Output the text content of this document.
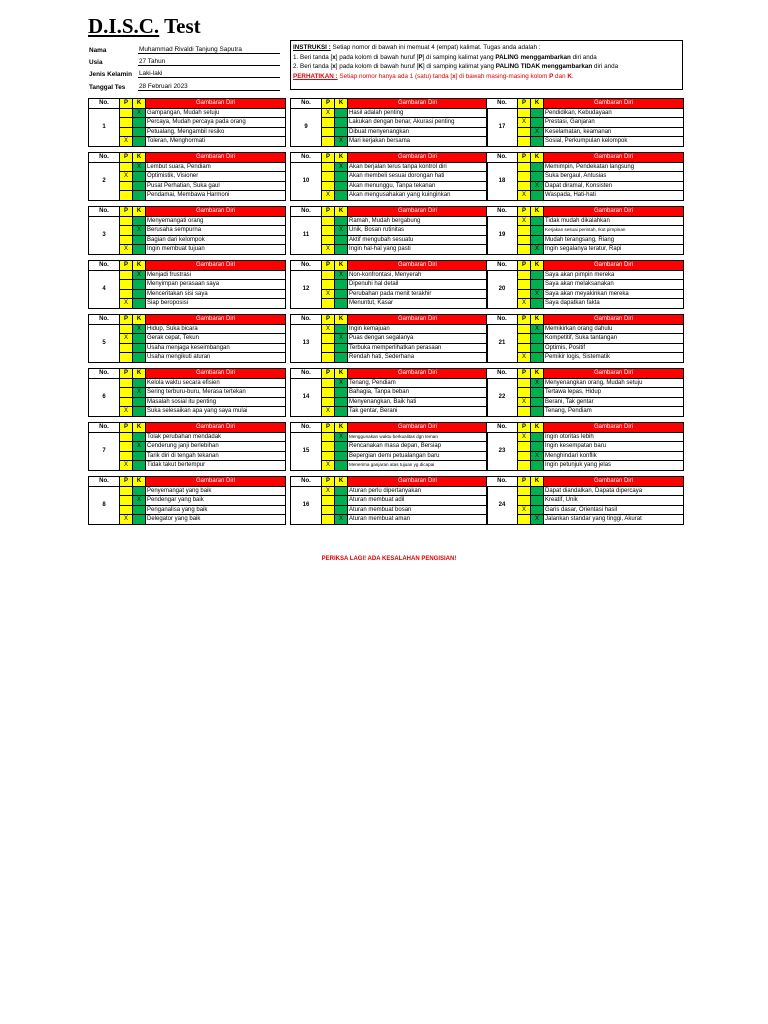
D.I.S.C. Test
Nama	Muhammad Rivaldi Tanjung Saputra
Usia	27 Tahun
Jenis Kelamin	Laki-laki
Tanggal Tes	28 Februari 2023
INSTRUKSI : Setiap nomor di bawah ini memuat 4 (empat) kalimat. Tugas anda adalah :
1. Beri tanda [x] pada kolom di bawah huruf [P] di samping kalimat yang PALING menggambarkan diri anda
2. Beri tanda [x] pada kolom di bawah huruf [K] di samping kalimat yang PALING TIDAK menggambarkan diri anda
PERHATIKAN : Setiap nomor hanya ada 1 (satu) tanda [x] di bawah masing-masing kolom P dan K.
No.	P	K	Gambaran Diri
1		X	Gampangan, Mudah setuju
			Percaya, Mudah percaya pada orang
			Petualang, Mengambil resiko
	X		Toleran, Menghormati
No.	P	K	Gambaran Diri
2		X	Lembut suara, Pendiam
	X		Optimistik, Visioner
			Pusat Perhatian, Suka gaul
			Pendamai, Membawa Harmoni
No.	P	K	Gambaran Diri
3			Menyemangati orang
		X	Berusaha sempurna
			Bagian dari kelompok
	X		Ingin membuat tujuan
No.	P	K	Gambaran Diri
4		X	Menjadi frustrasi
			Menyimpan perasaan saya
			Menceritakan sisi saya
	X		Siap beroposisi
No.	P	K	Gambaran Diri
5		X	Hidup, Suka bicara
	X		Gerak cepat, Tekun
			Usaha menjaga keseimbangan
			Usaha mengikuti aturan
No.	P	K	Gambaran Diri
6			Kelola waktu secara efisien
		X	Sering terburu-buru, Merasa tertekan
			Masalah sosial itu penting
	X		Suka selesaikan apa yang saya mulai
No.	P	K	Gambaran Diri
7			Tolak perubahan mendadak
		X	Cenderung janji berlebihan
			Tarik diri di tengah tekanan
	X		Tidak takut bertempur
No.	P	K	Gambaran Diri
8			Penyemangat yang baik
		X	Pendengar yang baik
			Penganalisa yang baik
	X		Delegator yang baik
No.	P	K	Gambaran Diri
9	X		Hasil adalah penting
			Lakukan dengan benar, Akurasi penting
			Dibuat menyenangkan
		X	Mari kerjakan bersama
No.	P	K	Gambaran Diri
10		X	Akan berjalan terus tanpa kontrol diri
			Akan membeli sesuai dorongan hati
			Akan menunggu, Tanpa tekanan
	X		Akan mengusahakan yang kuinginkan
No.	P	K	Gambaran Diri
11			Ramah, Mudah bergabung
		X	Unik, Bosan rutinitas
			Aktif mengubah sesuatu
	X		Ingin hal-hal yang pasti
No.	P	K	Gambaran Diri
12		X	Non-konfrontasi, Menyerah
			Dipenuhi hal detail
	X		Perubahan pada menit terakhir
			Menuntut, Kasar
No.	P	K	Gambaran Diri
13	X		Ingin kemajuan
		X	Puas dengan segalanya
			Terbuka memperlihatkan perasaan
			Rendah hati, Sederhana
No.	P	K	Gambaran Diri
14		X	Tenang, Pendiam
			Bahagia, Tanpa beban
			Menyenangkan, Baik hati
	X		Tak gentar, Berani
No.	P	K	Gambaran Diri
15		X	Menggunakan waktu berkualitas dgn teman
			Rencanakan masa depan, Bersiap
			Bepergian demi petualangan baru
	X		Menerima ganjaran atas tujuan yg dicapai
No.	P	K	Gambaran Diri
16	X		Aturan perlu dipertanyakan
			Aturan membuat adil
			Aturan membuat bosan
		X	Aturan membuat aman
No.	P	K	Gambaran Diri
17			Pendidikan, Kebudayaan
	X		Prestasi, Ganjaran
		X	Keselamatan, keamanan
			Sosial, Perkumpulan kelompok
No.	P	K	Gambaran Diri
18			Memimpin, Pendekatan langsung
			Suka bergaul, Antusias
		X	Dapat diramal, Konsisten
	X		Waspada, Hati-hati
No.	P	K	Gambaran Diri
19	X		Tidak mudah dikalahkan
			Kerjakan sesuai perintah, Ikut pimpinan
			Mudah terangsang, Riang
		X	Ingin segalanya teratur, Rapi
No.	P	K	Gambaran Diri
20			Saya akan pimpin mereka
			Saya akan melaksanakan
		X	Saya akan meyakinkan mereka
	X		Saya dapatkan fakta
No.	P	K	Gambaran Diri
21		X	Memikirkan orang dahulu
			Kompetitif, Suka tantangan
			Optimis, Positif
	X		Pemikir logis, Sistematik
No.	P	K	Gambaran Diri
22		X	Menyenangkan orang, Mudah setuju
			Tertawa lepas, Hidup
	X		Berani, Tak gentar
			Tenang, Pendiam
No.	P	K	Gambaran Diri
23	X		Ingin otoritas lebih
			Ingin kesempatan baru
		X	Menghindari konflik
			Ingin petunjuk yang jelas
No.	P	K	Gambaran Diri
24			Dapat diandalkan, Dapata dipercaya
			Kreatif, Unik
	X		Garis dasar, Orientasi hasil
		X	Jalankan standar yang tinggi, Akurat
PERIKSA LAGI! ADA KESALAHAN PENGISIAN!
